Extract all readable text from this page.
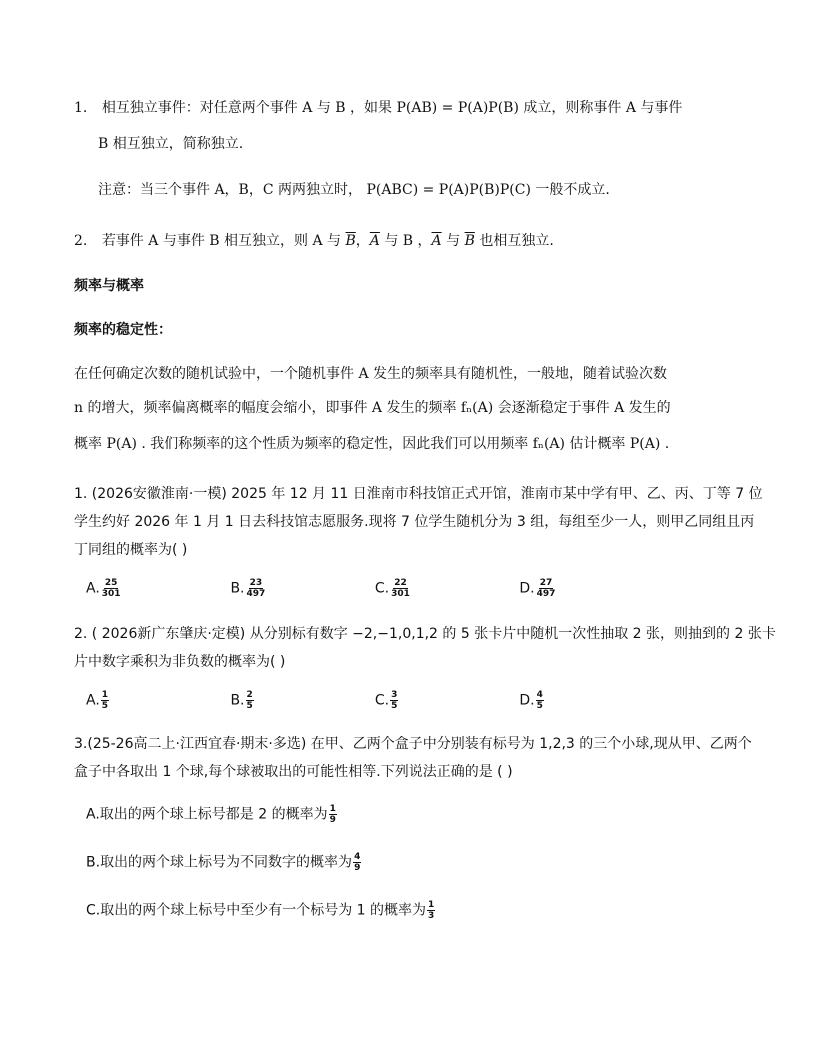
1. 相互独立事件：对任意两个事件 A 与 B ，如果 P(AB) = P(A)P(B) 成立，则称事件 A 与事件
B 相互独立，简称独立.
注意：当三个事件 A，B，C 两两独立时， P(ABC) = P(A)P(B)P(C) 一般不成立.
2. 若事件 A 与事件 B 相互独立，则 A 与 $\overline{B}$，$\overline{A}$ 与 B ，$\overline{A}$ 与 $\overline{B}$ 也相互独立.
频率与概率
频率的稳定性：
在任何确定次数的随机试验中，一个随机事件 A 发生的频率具有随机性，一般地，随着试验次数
n 的增大，频率偏离概率的幅度会缩小，即事件 A 发生的频率 fₙ(A) 会逐渐稳定于事件 A 发生的
概率 P(A) . 我们称频率的这个性质为频率的稳定性，因此我们可以用频率 fₙ(A) 估计概率 P(A) .
1. (2026安徽淮南·一模) 2025 年 12 月 11 日淮南市科技馆正式开馆，淮南市某中学有甲、乙、丙、丁等 7 位
学生约好 2026 年 1 月 1 日去科技馆志愿服务.现将 7 位学生随机分为 3 组，每组至少一人，则甲乙同组且丙
丁同组的概率为( )
A. $\frac{25}{301}$	B. $\frac{23}{497}$	C. $\frac{22}{301}$	D. $\frac{27}{497}$
2. ( 2026新广东肇庆·定模) 从分别标有数字 −2,−1,0,1,2 的 5 张卡片中随机一次性抽取 2 张，则抽到的 2 张卡
片中数字乘积为非负数的概率为( )
A. $\frac{1}{5}$	B. $\frac{2}{5}$	C. $\frac{3}{5}$	D. $\frac{4}{5}$
3.(25-26高二上·江西宜春·期末·多选) 在甲、乙两个盒子中分别装有标号为 1,2,3 的三个小球,现从甲、乙两个
盒子中各取出 1 个球,每个球被取出的可能性相等.下列说法正确的是 ( )
A.取出的两个球上标号都是 2 的概率为 $\frac{1}{9}$
B.取出的两个球上标号为不同数字的概率为 $\frac{4}{9}$
C.取出的两个球上标号中至少有一个标号为 1 的概率为 $\frac{1}{3}$
